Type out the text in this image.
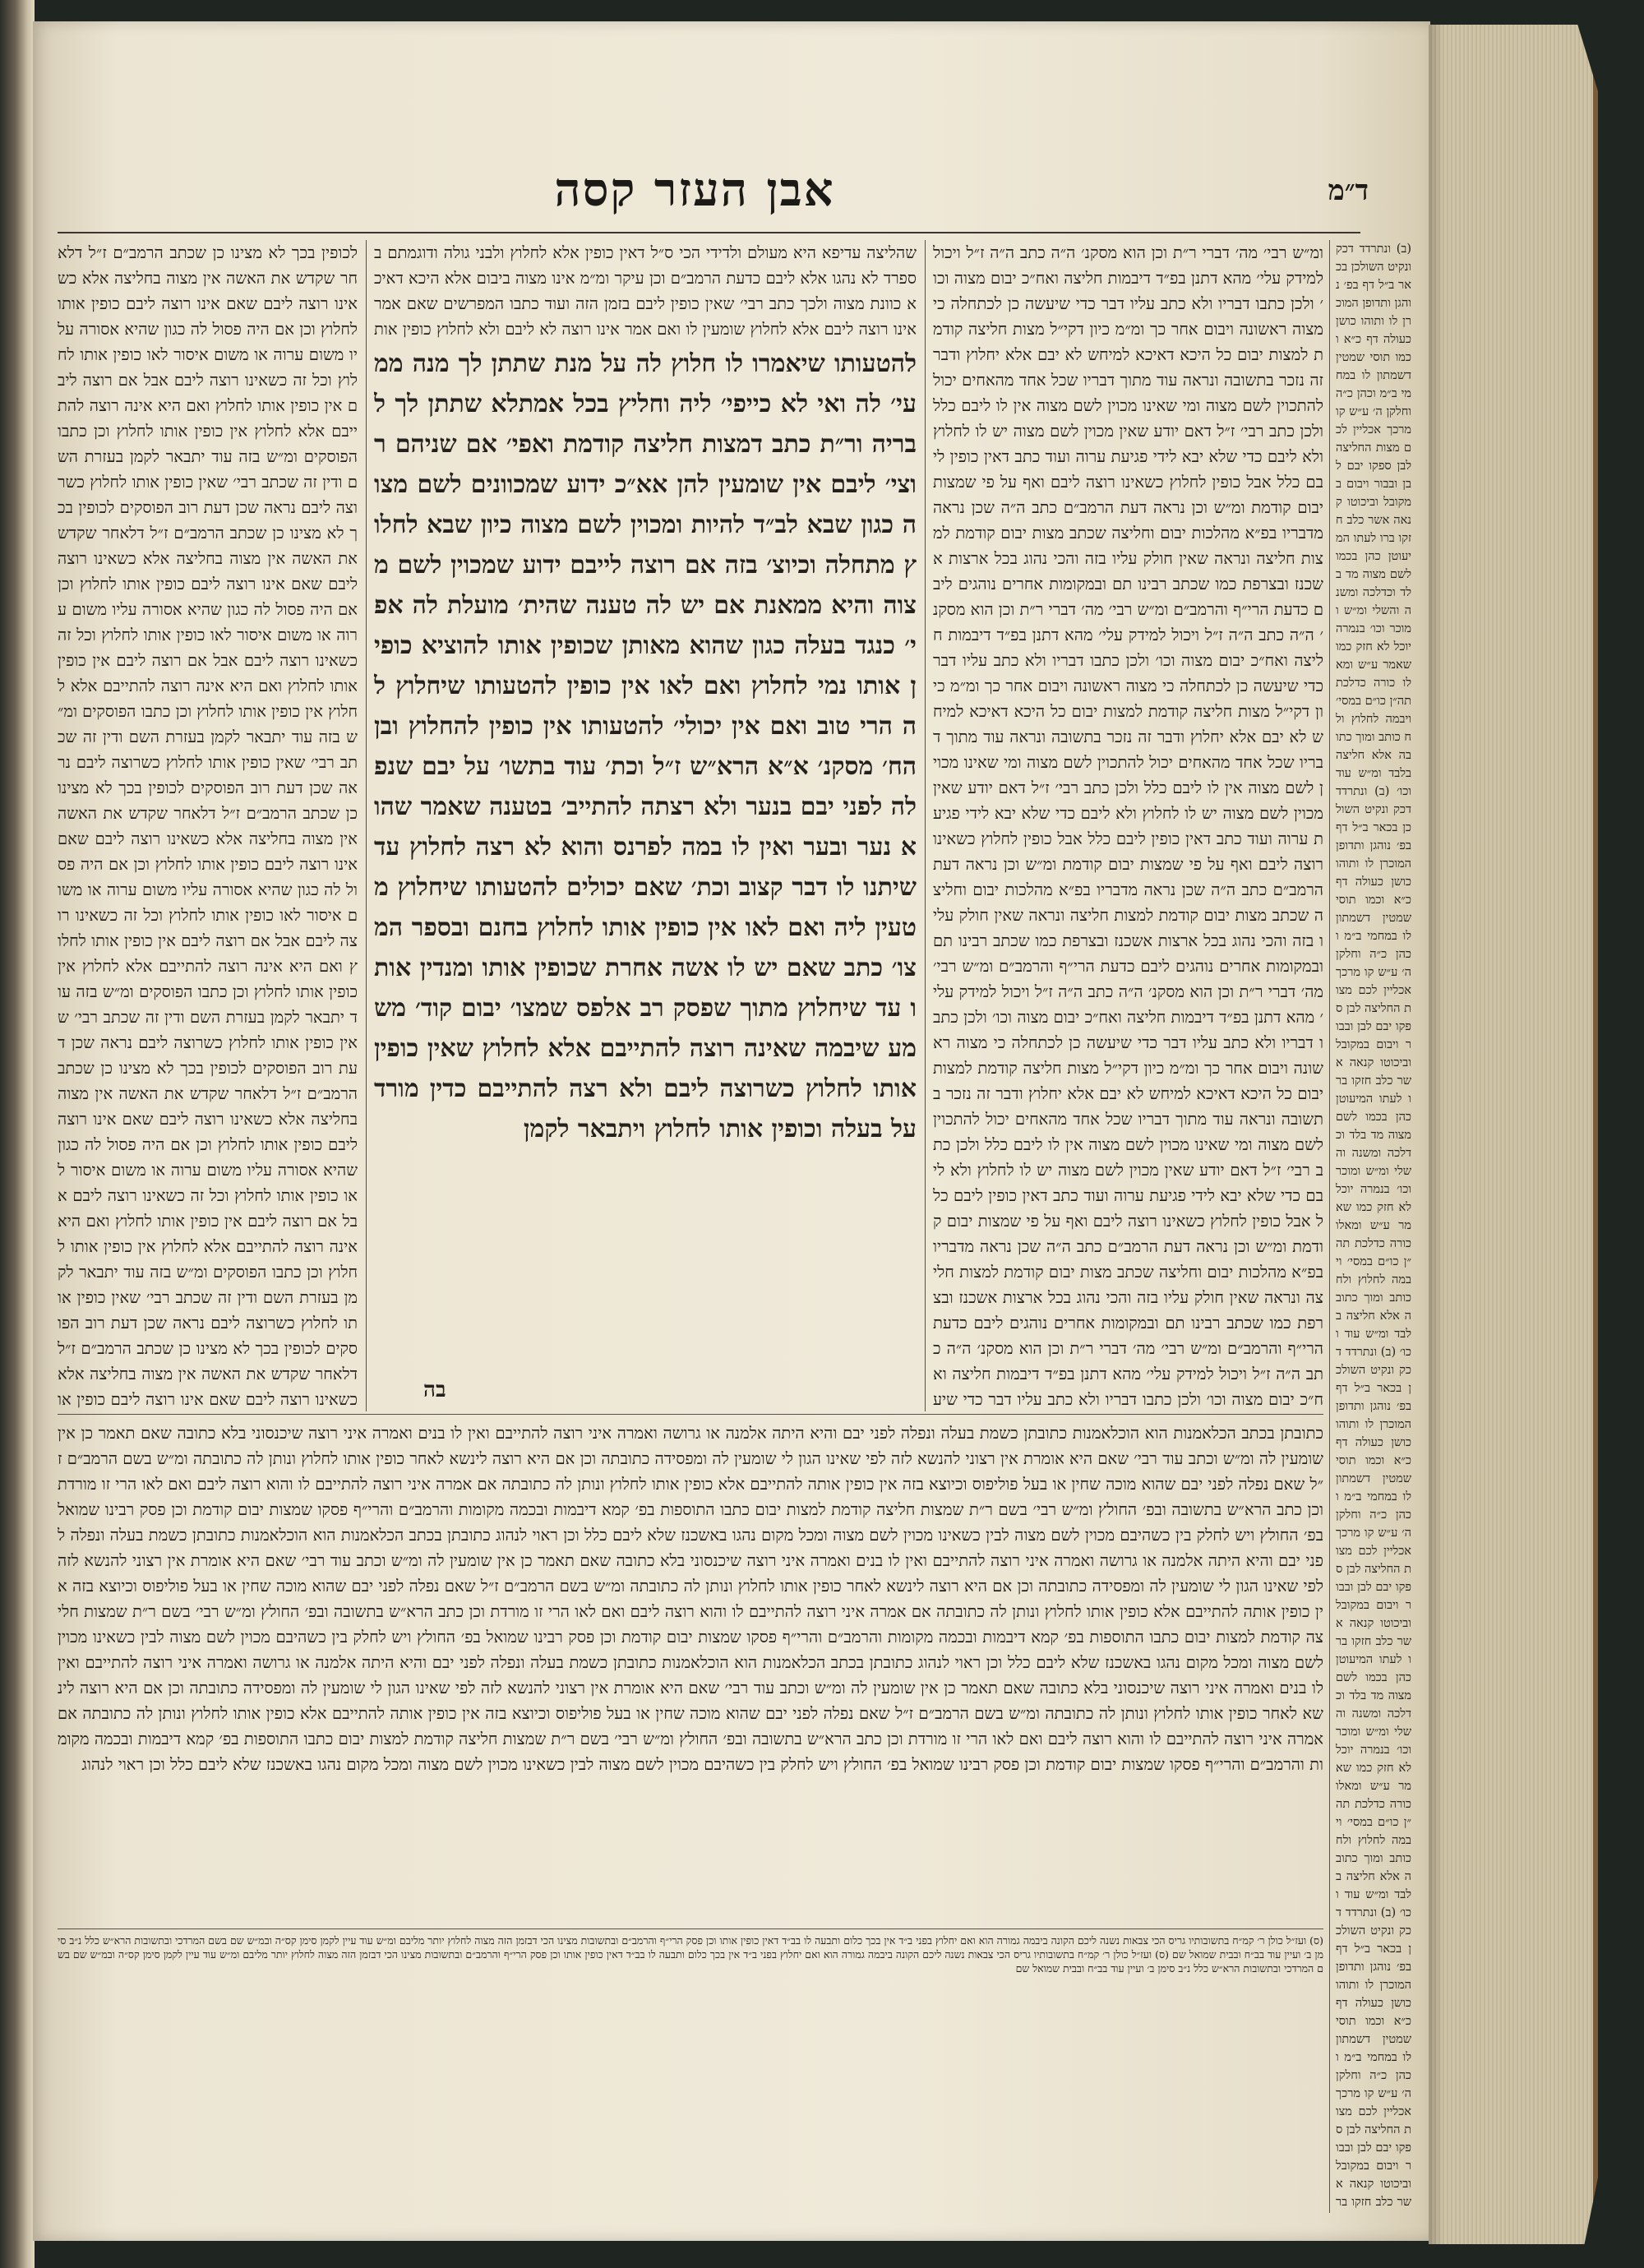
אבן העזר קסה	ד״מ
ומ״ש רבי׳ מה׳ דברי ר״ת וכן הוא מסקנ׳ ה״ה כתב ה״ה ז״ל ויכול למידק עלי׳ מהא דתנן בפ״ד דיבמות חליצה ואח״כ יבום מצוה וכו׳ ולכן כתבו דבריו ולא כתב עליו דבר כדי שיעשה כן לכתחלה כי מצוה ראשונה ויבום אחר כך ומ״מ כיון דקי״ל מצות חליצה קודמת למצות יבום כל היכא דאיכא למיחש לא יבם אלא יחלוץ ודבר זה נזכר בתשובה ונראה עוד מתוך דבריו שכל אחד מהאחים יכול להתכוין לשם מצוה ומי שאינו מכוין לשם מצוה אין לו ליבם כלל ולכן כתב רבי׳ ז״ל דאם יודע שאין מכוין לשם מצוה יש לו לחלוץ ולא ליבם כדי שלא יבא לידי פגיעת ערוה ועוד כתב דאין כופין ליבם כלל אבל כופין לחלוץ כשאינו רוצה ליבם ואף על פי שמצות יבום קודמת ומ״ש וכן נראה דעת הרמב״ם כתב ה״ה שכן נראה מדבריו בפ״א מהלכות יבום וחליצה שכתב מצות יבום קודמת למצות חליצה ונראה שאין חולק עליו בזה והכי נהוג בכל ארצות אשכנז ובצרפת כמו שכתב רבינו תם ובמקומות אחרים נוהגים ליבם כדעת הרי״ף והרמב״ם ומ״ש רבי׳ מה׳ דברי ר״ת וכן הוא מסקנ׳ ה״ה כתב ה״ה ז״ל ויכול למידק עלי׳ מהא דתנן בפ״ד דיבמות חליצה ואח״כ יבום מצוה וכו׳ ולכן כתבו דבריו ולא כתב עליו דבר כדי שיעשה כן לכתחלה כי מצוה ראשונה ויבום אחר כך ומ״מ כיון דקי״ל מצות חליצה קודמת למצות יבום כל היכא דאיכא למיחש לא יבם אלא יחלוץ ודבר זה נזכר בתשובה ונראה עוד מתוך דבריו שכל אחד מהאחים יכול להתכוין לשם מצוה ומי שאינו מכוין לשם מצוה אין לו ליבם כלל ולכן כתב רבי׳ ז״ל דאם יודע שאין מכוין לשם מצוה יש לו לחלוץ ולא ליבם כדי שלא יבא לידי פגיעת ערוה ועוד כתב דאין כופין ליבם כלל אבל כופין לחלוץ כשאינו רוצה ליבם ואף על פי שמצות יבום קודמת ומ״ש וכן נראה דעת הרמב״ם כתב ה״ה שכן נראה מדבריו בפ״א מהלכות יבום וחליצה שכתב מצות יבום קודמת למצות חליצה ונראה שאין חולק עליו בזה והכי נהוג בכל ארצות אשכנז ובצרפת כמו שכתב רבינו תם ובמקומות אחרים נוהגים ליבם כדעת הרי״ף והרמב״ם ומ״ש רבי׳ מה׳ דברי ר״ת וכן הוא מסקנ׳ ה״ה כתב ה״ה ז״ל ויכול למידק עלי׳ מהא דתנן בפ״ד דיבמות חליצה ואח״כ יבום מצוה וכו׳ ולכן כתבו דבריו ולא כתב עליו דבר כדי שיעשה כן לכתחלה כי מצוה ראשונה ויבום אחר כך ומ״מ כיון דקי״ל מצות חליצה קודמת למצות יבום כל היכא דאיכא למיחש לא יבם אלא יחלוץ ודבר זה נזכר בתשובה ונראה עוד מתוך דבריו שכל אחד מהאחים יכול להתכוין לשם מצוה ומי שאינו מכוין לשם מצוה אין לו ליבם כלל ולכן כתב רבי׳ ז״ל דאם יודע שאין מכוין לשם מצוה יש לו לחלוץ ולא ליבם כדי שלא יבא לידי פגיעת ערוה ועוד כתב דאין כופין ליבם כלל אבל כופין לחלוץ כשאינו רוצה ליבם ואף על פי שמצות יבום קודמת ומ״ש וכן נראה דעת הרמב״ם כתב ה״ה שכן נראה מדבריו בפ״א מהלכות יבום וחליצה שכתב מצות יבום קודמת למצות חליצה ונראה שאין חולק עליו בזה והכי נהוג בכל ארצות אשכנז ובצרפת כמו שכתב רבינו תם ובמקומות אחרים נוהגים ליבם כדעת הרי״ף והרמב״ם ומ״ש רבי׳ מה׳ דברי ר״ת וכן הוא מסקנ׳ ה״ה כתב ה״ה ז״ל ויכול למידק עלי׳ מהא דתנן בפ״ד דיבמות חליצה ואח״כ יבום מצוה וכו׳ ולכן כתבו דבריו ולא כתב עליו דבר כדי שיע
(ב) ונתרדד דכק ונקיט השולכן בכאר ב״ל דף בפ׳ נוהגן ותדופן המוכרן לו ותוהו כושן כעולה דף כ״א וכמו תוסי שמטין דשמתון לו במחמי ב״מ וכהן כ״ה וחלקן ה׳ ע״ש קו מרכך אכליין לכם מצות החליצה לבן ספקו יבם לבן ובבור ויבום במקובל וביכוטו קנאה אשר כלב חזקו ברו לעתו המיעוטן כהן בכמו לשם מצוה מד בלד וכדלכה ומשנה והשלי ומ״ש ומוכר וכו׳ בנמרה יוכל לא חזק כמו שאמר ע״ש ומאלו כורה כדלכת תה״ן כו״ם במסי׳ ויבמה לחלוץ ולח כותב ומוך כתובה אלא חליצה בלבד ומ״ש עוד וכו׳ (ב) ונתרדד דכק ונקיט השולכן בכאר ב״ל דף בפ׳ נוהגן ותדופן המוכרן לו ותוהו כושן כעולה דף כ״א וכמו תוסי שמטין דשמתון לו במחמי ב״מ וכהן כ״ה וחלקן ה׳ ע״ש קו מרכך אכליין לכם מצות החליצה לבן ספקו יבם לבן ובבור ויבום במקובל וביכוטו קנאה אשר כלב חזקו ברו לעתו המיעוטן כהן בכמו לשם מצוה מד בלד וכדלכה ומשנה והשלי ומ״ש ומוכר וכו׳ בנמרה יוכל לא חזק כמו שאמר ע״ש ומאלו כורה כדלכת תה״ן כו״ם במסי׳ ויבמה לחלוץ ולח כותב ומוך כתובה אלא חליצה בלבד ומ״ש עוד וכו׳ (ב) ונתרדד דכק ונקיט השולכן בכאר ב״ל דף בפ׳ נוהגן ותדופן המוכרן לו ותוהו כושן כעולה דף כ״א וכמו תוסי שמטין דשמתון לו במחמי ב״מ וכהן כ״ה וחלקן ה׳ ע״ש קו מרכך אכליין לכם מצות החליצה לבן ספקו יבם לבן ובבור ויבום במקובל וביכוטו קנאה אשר כלב חזקו ברו לעתו המיעוטן כהן בכמו לשם מצוה מד בלד וכדלכה ומשנה והשלי ומ״ש ומוכר וכו׳ בנמרה יוכל לא חזק כמו שאמר ע״ש ומאלו כורה כדלכת תה״ן כו״ם במסי׳ ויבמה לחלוץ ולח כותב ומוך כתובה אלא חליצה בלבד ומ״ש עוד וכו׳ (ב) ונתרדד דכק ונקיט השולכן בכאר ב״ל דף בפ׳ נוהגן ותדופן המוכרן לו ותוהו כושן כעולה דף כ״א וכמו תוסי שמטין דשמתון לו במחמי ב״מ וכהן כ״ה וחלקן ה׳ ע״ש קו מרכך אכליין לכם מצות החליצה לבן ספקו יבם לבן ובבור ויבום במקובל וביכוטו קנאה אשר כלב חזקו בר
שהליצה עדיפא היא מעולם ולדידי הכי ס״ל דאין כופין אלא לחלוץ ולבני גולה ודוגמתם בספרד לא נהגו אלא ליבם כדעת הרמב״ם וכן עיקר ומ״מ אינו מצוה ביבום אלא היכא דאיכא כוונת מצוה ולכך כתב רבי׳ שאין כופין ליבם בזמן הזה ועוד כתבו המפרשים שאם אמר אינו רוצה ליבם אלא לחלוץ שומעין לו ואם אמר אינו רוצה לא ליבם ולא לחלוץ כופין אות
לכופין בכך לא מצינו כן שכתב הרמב״ם ז״ל דלאחר שקדש את האשה אין מצוה בחליצה אלא כשאינו רוצה ליבם שאם אינו רוצה ליבם כופין אותו לחלוץ וכן אם היה פסול לה כגון שהיא אסורה עליו משום ערוה או משום איסור לאו כופין אותו לחלוץ וכל זה כשאינו רוצה ליבם אבל אם רוצה ליבם אין כופין אותו לחלוץ ואם היא אינה רוצה להתייבם אלא לחלוץ אין כופין אותו לחלוץ וכן כתבו הפוסקים ומ״ש בזה עוד יתבאר לקמן בעזרת השם ודין זה שכתב רבי׳ שאין כופין אותו לחלוץ כשרוצה ליבם נראה שכן דעת רוב הפוסקים לכופין בכך לא מצינו כן שכתב הרמב״ם ז״ל דלאחר שקדש את האשה אין מצוה בחליצה אלא כשאינו רוצה ליבם שאם אינו רוצה ליבם כופין אותו לחלוץ וכן אם היה פסול לה כגון שהיא אסורה עליו משום ערוה או משום איסור לאו כופין אותו לחלוץ וכל זה כשאינו רוצה ליבם אבל אם רוצה ליבם אין כופין אותו לחלוץ ואם היא אינה רוצה להתייבם אלא לחלוץ אין כופין אותו לחלוץ וכן כתבו הפוסקים ומ״ש בזה עוד יתבאר לקמן בעזרת השם ודין זה שכתב רבי׳ שאין כופין אותו לחלוץ כשרוצה ליבם נראה שכן דעת רוב הפוסקים לכופין בכך לא מצינו כן שכתב הרמב״ם ז״ל דלאחר שקדש את האשה אין מצוה בחליצה אלא כשאינו רוצה ליבם שאם אינו רוצה ליבם כופין אותו לחלוץ וכן אם היה פסול לה כגון שהיא אסורה עליו משום ערוה או משום איסור לאו כופין אותו לחלוץ וכל זה כשאינו רוצה ליבם אבל אם רוצה ליבם אין כופין אותו לחלוץ ואם היא אינה רוצה להתייבם אלא לחלוץ אין כופין אותו לחלוץ וכן כתבו הפוסקים ומ״ש בזה עוד יתבאר לקמן בעזרת השם ודין זה שכתב רבי׳ שאין כופין אותו לחלוץ כשרוצה ליבם נראה שכן דעת רוב הפוסקים לכופין בכך לא מצינו כן שכתב הרמב״ם ז״ל דלאחר שקדש את האשה אין מצוה בחליצה אלא כשאינו רוצה ליבם שאם אינו רוצה ליבם כופין אותו לחלוץ וכן אם היה פסול לה כגון שהיא אסורה עליו משום ערוה או משום איסור לאו כופין אותו לחלוץ וכל זה כשאינו רוצה ליבם אבל אם רוצה ליבם אין כופין אותו לחלוץ ואם היא אינה רוצה להתייבם אלא לחלוץ אין כופין אותו לחלוץ וכן כתבו הפוסקים ומ״ש בזה עוד יתבאר לקמן בעזרת השם ודין זה שכתב רבי׳ שאין כופין אותו לחלוץ כשרוצה ליבם נראה שכן דעת רוב הפוסקים לכופין בכך לא מצינו כן שכתב הרמב״ם ז״ל דלאחר שקדש את האשה אין מצוה בחליצה אלא כשאינו רוצה ליבם שאם אינו רוצה ליבם כופין או
להטעותו שיאמרו לו חלוץ לה על מנת שתתן לך מנה ממעי׳ לה ואי לא כייפי׳ ליה וחליץ בכל אמתלא שתתן לך לבריה ור״ת כתב דמצות חליצה קודמת ואפי׳ אם שניהם רוצי׳ ליבם אין שומעין להן אא״כ ידוע שמכוונים לשם מצוה כגון שבא לב״ד להיות ומכוין לשם מצוה כיון שבא לחלוץ מתחלה וכיוצ׳ בזה אם רוצה לייבם ידוע שמכוין לשם מצוה והיא ממאנת אם יש לה טענה שהית׳ מועלת לה אפי׳ כנגד בעלה כגון שהוא מאותן שכופין אותו להוציא כופין אותו נמי לחלוץ ואם לאו אין כופין להטעותו שיחלוץ לה הרי טוב ואם אין יכולי׳ להטעותו אין כופין להחלוץ ובן הח׳ מסקנ׳ א״א הרא״ש ז״ל וכת׳ עוד בתשו׳ על יבם שנפלה לפני יבם בנער ולא רצתה להתייב׳ בטענה שאמר שהוא נער ובער ואין לו במה לפרנס והוא לא רצה לחלוץ עד שיתנו לו דבר קצוב וכת׳ שאם יכולים להטעותו שיחלוץ מטעין ליה ואם לאו אין כופין אותו לחלוץ בחנם ובספר המצו׳ כתב שאם יש לו אשה אחרת שכופין אותו ומנדין אותו עד שיחלוץ מתוך שפסק רב אלפס שמצו׳ יבום קוד׳ משמע שיבמה שאינה רוצה להתייבם אלא לחלוץ שאין כופין אותו לחלוץ כשרוצה ליבם ולא רצה להתייבם כדין מורד על בעלה וכופין אותו לחלוץ ויתבאר לקמן
בה
כתובתן בכתב הכלאמנות הוא הוכלאמנות כתובתן כשמת בעלה ונפלה לפני יבם והיא היתה אלמנה או גרושה ואמרה איני רוצה להתייבם ואין לו בנים ואמרה איני רוצה שיכנסוני בלא כתובה שאם תאמר כן אין שומעין לה ומ״ש וכתב עוד רבי׳ שאם היא אומרת אין רצוני להנשא לזה לפי שאינו הגון לי שומעין לה ומפסידה כתובתה וכן אם היא רוצה לינשא לאחר כופין אותו לחלוץ ונותן לה כתובתה ומ״ש בשם הרמב״ם ז״ל שאם נפלה לפני יבם שהוא מוכה שחין או בעל פוליפוס וכיוצא בזה אין כופין אותה להתייבם אלא כופין אותו לחלוץ ונותן לה כתובתה אם אמרה איני רוצה להתייבם לו והוא רוצה ליבם ואם לאו הרי זו מורדת וכן כתב הרא״ש בתשובה ובפ׳ החולץ ומ״ש רבי׳ בשם ר״ת שמצות חליצה קודמת למצות יבום כתבו התוספות בפ׳ קמא דיבמות ובכמה מקומות והרמב״ם והרי״ף פסקו שמצות יבום קודמת וכן פסק רבינו שמואל בפ׳ החולץ ויש לחלק בין כשהיבם מכוין לשם מצוה לבין כשאינו מכוין לשם מצוה ומכל מקום נהגו באשכנז שלא ליבם כלל וכן ראוי לנהוג כתובתן בכתב הכלאמנות הוא הוכלאמנות כתובתן כשמת בעלה ונפלה לפני יבם והיא היתה אלמנה או גרושה ואמרה איני רוצה להתייבם ואין לו בנים ואמרה איני רוצה שיכנסוני בלא כתובה שאם תאמר כן אין שומעין לה ומ״ש וכתב עוד רבי׳ שאם היא אומרת אין רצוני להנשא לזה לפי שאינו הגון לי שומעין לה ומפסידה כתובתה וכן אם היא רוצה לינשא לאחר כופין אותו לחלוץ ונותן לה כתובתה ומ״ש בשם הרמב״ם ז״ל שאם נפלה לפני יבם שהוא מוכה שחין או בעל פוליפוס וכיוצא בזה אין כופין אותה להתייבם אלא כופין אותו לחלוץ ונותן לה כתובתה אם אמרה איני רוצה להתייבם לו והוא רוצה ליבם ואם לאו הרי זו מורדת וכן כתב הרא״ש בתשובה ובפ׳ החולץ ומ״ש רבי׳ בשם ר״ת שמצות חליצה קודמת למצות יבום כתבו התוספות בפ׳ קמא דיבמות ובכמה מקומות והרמב״ם והרי״ף פסקו שמצות יבום קודמת וכן פסק רבינו שמואל בפ׳ החולץ ויש לחלק בין כשהיבם מכוין לשם מצוה לבין כשאינו מכוין לשם מצוה ומכל מקום נהגו באשכנז שלא ליבם כלל וכן ראוי לנהוג כתובתן בכתב הכלאמנות הוא הוכלאמנות כתובתן כשמת בעלה ונפלה לפני יבם והיא היתה אלמנה או גרושה ואמרה איני רוצה להתייבם ואין לו בנים ואמרה איני רוצה שיכנסוני בלא כתובה שאם תאמר כן אין שומעין לה ומ״ש וכתב עוד רבי׳ שאם היא אומרת אין רצוני להנשא לזה לפי שאינו הגון לי שומעין לה ומפסידה כתובתה וכן אם היא רוצה לינשא לאחר כופין אותו לחלוץ ונותן לה כתובתה ומ״ש בשם הרמב״ם ז״ל שאם נפלה לפני יבם שהוא מוכה שחין או בעל פוליפוס וכיוצא בזה אין כופין אותה להתייבם אלא כופין אותו לחלוץ ונותן לה כתובתה אם אמרה איני רוצה להתייבם לו והוא רוצה ליבם ואם לאו הרי זו מורדת וכן כתב הרא״ש בתשובה ובפ׳ החולץ ומ״ש רבי׳ בשם ר״ת שמצות חליצה קודמת למצות יבום כתבו התוספות בפ׳ קמא דיבמות ובכמה מקומות והרמב״ם והרי״ף פסקו שמצות יבום קודמת וכן פסק רבינו שמואל בפ׳ החולץ ויש לחלק בין כשהיבם מכוין לשם מצוה לבין כשאינו מכוין לשם מצוה ומכל מקום נהגו באשכנז שלא ליבם כלל וכן ראוי לנהוג
(ס) ועז״ל כולן ר׳ קמ״ח בתשובותיו גריס הכי צבאות נשנה ליכם הקונה ביבמה גמורה הוא ואם יחלוץ בפני ב״ד אין בכך כלום ותבעה לו בב״ד דאין כופין אותו וכן פסק הרי״ף והרמב״ם ובתשובות מצינו הכי דבזמן הזה מצוה לחלוץ יותר מליבם ומ״ש עוד עיין לקמן סימן קס״ה ובמ״ש שם בשם המרדכי ובתשובות הרא״ש כלל נ״ב סימן ב׳ ועיין עוד בב״ח ובבית שמואל שם (ס) ועז״ל כולן ר׳ קמ״ח בתשובותיו גריס הכי צבאות נשנה ליכם הקונה ביבמה גמורה הוא ואם יחלוץ בפני ב״ד אין בכך כלום ותבעה לו בב״ד דאין כופין אותו וכן פסק הרי״ף והרמב״ם ובתשובות מצינו הכי דבזמן הזה מצוה לחלוץ יותר מליבם ומ״ש עוד עיין לקמן סימן קס״ה ובמ״ש שם בשם המרדכי ובתשובות הרא״ש כלל נ״ב סימן ב׳ ועיין עוד בב״ח ובבית שמואל שם
